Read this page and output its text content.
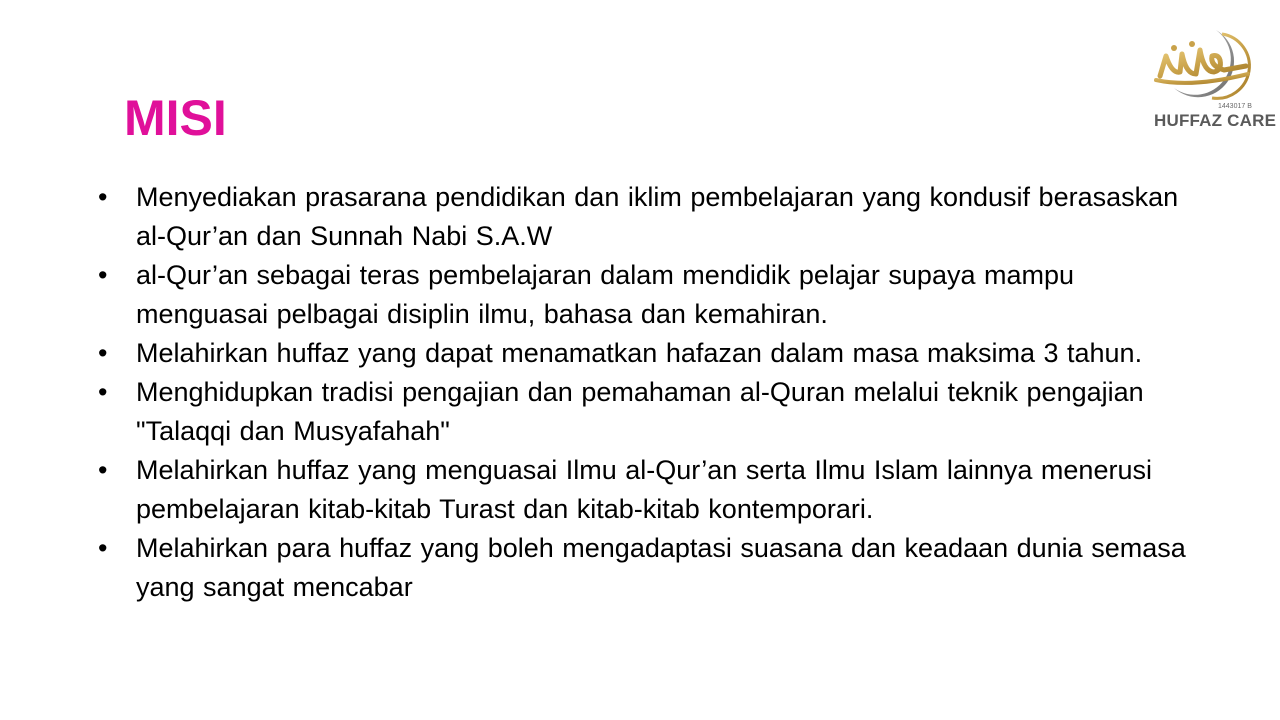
MISI	1443017 B
HUFFAZ CARE
•	Menyediakan prasarana pendidikan dan iklim pembelajaran yang kondusif berasaskan al-Qur’an dan Sunnah Nabi S.A.W
•	al-Qur’an sebagai teras pembelajaran dalam mendidik pelajar supaya mampu menguasai pelbagai disiplin ilmu, bahasa dan kemahiran.
•	Melahirkan huffaz yang dapat menamatkan hafazan dalam masa maksima 3 tahun.
•	Menghidupkan tradisi pengajian dan pemahaman al-Quran melalui teknik pengajian "Talaqqi dan Musyafahah"
•	Melahirkan huffaz yang menguasai Ilmu al-Qur’an serta Ilmu Islam lainnya menerusi pembelajaran kitab-kitab Turast dan kitab-kitab kontemporari.
•	Melahirkan para huffaz yang boleh mengadaptasi suasana dan keadaan dunia semasa yang sangat mencabar
